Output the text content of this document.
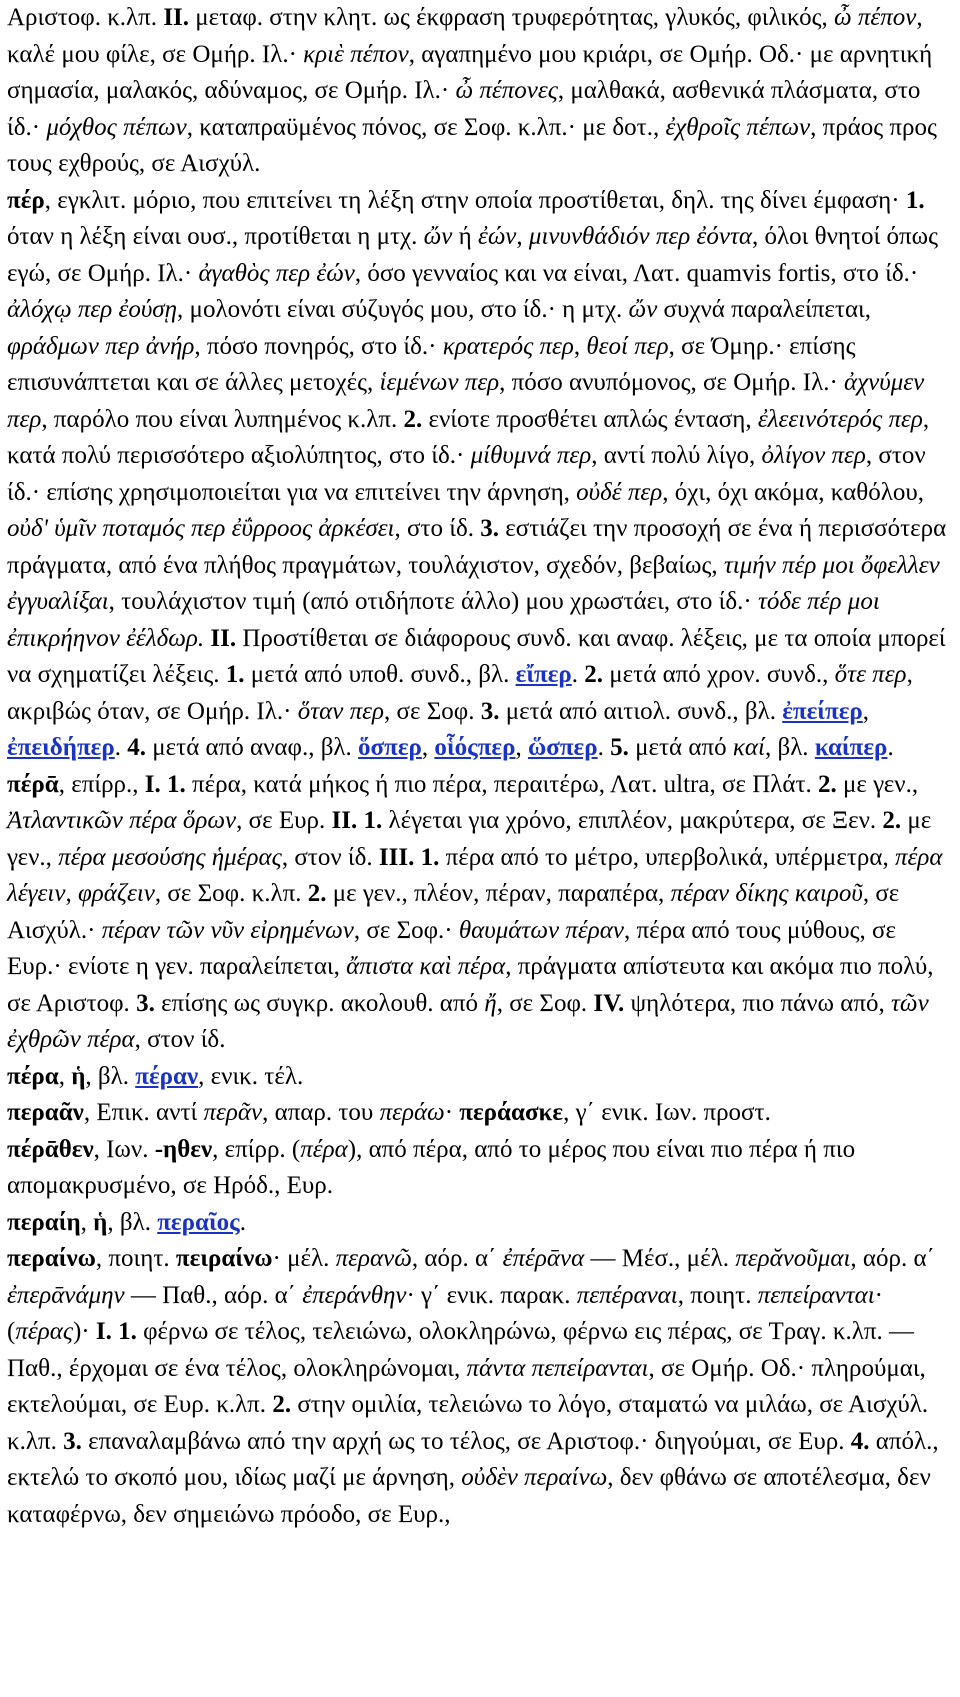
Αριστοφ. κ.λπ. II. μεταφ. στην κλητ. ως έκφραση τρυφερότητας, γλυκός, φιλικός, ὦ πέπον, καλέ μου φίλε, σε Ομήρ. Ιλ.· κριὲ πέπον, αγαπημένο μου κριάρι, σε Ομήρ. Οδ.· με αρνητική σημασία, μαλακός, αδύναμος, σε Ομήρ. Ιλ.· ὦ πέπονες, μαλθακά, ασθενικά πλάσματα, στο ίδ.· μόχθος πέπων, καταπραϋμένος πόνος, σε Σοφ. κ.λπ.· με δοτ., ἐχθροῖς πέπων, πράος προς τους εχθρούς, σε Αισχύλ.

πέρ, εγκλιτ. μόριο, που επιτείνει τη λέξη στην οποία προστίθεται, δηλ. της δίνει έμφαση· 1. όταν η λέξη είναι ουσ., προτίθεται η μτχ. ὤν ή ἐών, μινυνθάδιόν περ ἐόντα, όλοι θνητοί όπως εγώ, σε Ομήρ. Ιλ.· ἀγαθὸς περ ἐών, όσο γενναίος και να είναι, Λατ. quamvis fortis, στο ίδ.· ἀλόχῳ περ ἐούσῃ, μολονότι είναι σύζυγός μου, στο ίδ.· η μτχ. ὤν συχνά παραλείπεται, φράδμων περ ἀνήρ, πόσο πονηρός, στο ίδ.· κρατερός περ, θεοί περ, σε Όμηρ.· επίσης επισυνάπτεται και σε άλλες μετοχές, ἱεμένων περ, πόσο ανυπόμονος, σε Ομήρ. Ιλ.· ἀχνύμεν περ, παρόλο που είναι λυπημένος κ.λπ. 2. ενίοτε προσθέτει απλώς ένταση, ἐλεεινότερός περ, κατά πολύ περισσότερο αξιολύπητος, στο ίδ.· μίθυμνά περ, αντί πολύ λίγο, ὀλίγον περ, στον ίδ.· επίσης χρησιμοποιείται για να επιτείνει την άρνηση, οὐδέ περ, όχι, όχι ακόμα, καθόλου, οὐδ' ὑμῖν ποταμός περ ἐΰρροος ἀρκέσει, στο ίδ. 3. εστιάζει την προσοχή σε ένα ή περισσότερα πράγματα, από ένα πλήθος πραγμάτων, τουλάχιστον, σχεδόν, βεβαίως, τιμήν πέρ μοι ὄφελλεν ἐγγυαλίξαι, τουλάχιστον τιμή (από οτιδήποτε άλλο) μου χρωστάει, στο ίδ.· τόδε πέρ μοι ἐπικρήηνον ἐέλδωρ. II. Προστίθεται σε διάφορους συνδ. και αναφ. λέξεις, με τα οποία μπορεί να σχηματίζει λέξεις. 1. μετά από υποθ. συνδ., βλ. εἴπερ. 2. μετά από χρον. συνδ., ὅτε περ, ακριβώς όταν, σε Ομήρ. Ιλ.· ὅταν περ, σε Σοφ. 3. μετά από αιτιολ. συνδ., βλ. ἐπείπερ, ἐπειδήπερ. 4. μετά από αναφ., βλ. ὅσπερ, οἷόςπερ, ὥσπερ. 5. μετά από καί, βλ. καίπερ.

πέρᾱ, επίρρ., I. 1. πέρα, κατά μήκος ή πιο πέρα, περαιτέρω, Λατ. ultra, σε Πλάτ. 2. με γεν., Ἀτλαντικῶν πέρα ὅρων, σε Ευρ. II. 1. λέγεται για χρόνο, επιπλέον, μακρύτερα, σε Ξεν. 2. με γεν., πέρα μεσούσης ἡμέρας, στον ίδ. III. 1. πέρα από το μέτρο, υπερβολικά, υπέρμετρα, πέρα λέγειν, φράζειν, σε Σοφ. κ.λπ. 2. με γεν., πλέον, πέραν, παραπέρα, πέραν δίκης καιροῦ, σε Αισχύλ.· πέραν τῶν νῦν εἰρημένων, σε Σοφ.· θαυμάτων πέραν, πέρα από τους μύθους, σε Ευρ.· ενίοτε η γεν. παραλείπεται, ἄπιστα καὶ πέρα, πράγματα απίστευτα και ακόμα πιο πολύ, σε Αριστοφ. 3. επίσης ως συγκρ. ακολουθ. από ἤ, σε Σοφ. IV. ψηλότερα, πιο πάνω από, τῶν ἐχθρῶν πέρα, στον ίδ.

πέρα, ἡ, βλ. πέραν, ενικ. τέλ.

περαᾶν, Επικ. αντί περᾶν, απαρ. του περάω· περάασκε, γ΄ ενικ. Ιων. προστ.

πέρᾱθεν, Ιων. -ηθεν, επίρρ. (πέρα), από πέρα, από το μέρος που είναι πιο πέρα ή πιο απομακρυσμένο, σε Ηρόδ., Ευρ.

περαίη, ἡ, βλ. περαῖος.

περαίνω, ποιητ. πειραίνω· μέλ. περανῶ, αόρ. α΄ ἐπέρᾱνα — Μέσ., μέλ. περᾰνοῦμαι, αόρ. α΄ ἐπερᾱνάμην — Παθ., αόρ. α΄ ἐπεράνθην· γ΄ ενικ. παρακ. πεπέραναι, ποιητ. πεπείρανται· (πέρας)· I. 1. φέρνω σε τέλος, τελειώνω, ολοκληρώνω, φέρνω εις πέρας, σε Τραγ. κ.λπ. — Παθ., έρχομαι σε ένα τέλος, ολοκληρώνομαι, πάντα πεπείρανται, σε Ομήρ. Οδ.· πληρούμαι, εκτελούμαι, σε Ευρ. κ.λπ. 2. στην ομιλία, τελειώνω το λόγο, σταματώ να μιλάω, σε Αισχύλ. κ.λπ. 3. επαναλαμβάνω από την αρχή ως το τέλος, σε Αριστοφ.· διηγούμαι, σε Ευρ. 4. απόλ., εκτελώ το σκοπό μου, ιδίως μαζί με άρνηση, οὐδὲν περαίνω, δεν φθάνω σε αποτέλεσμα, δεν καταφέρνω, δεν σημειώνω πρόοδο, σε Ευρ.,
